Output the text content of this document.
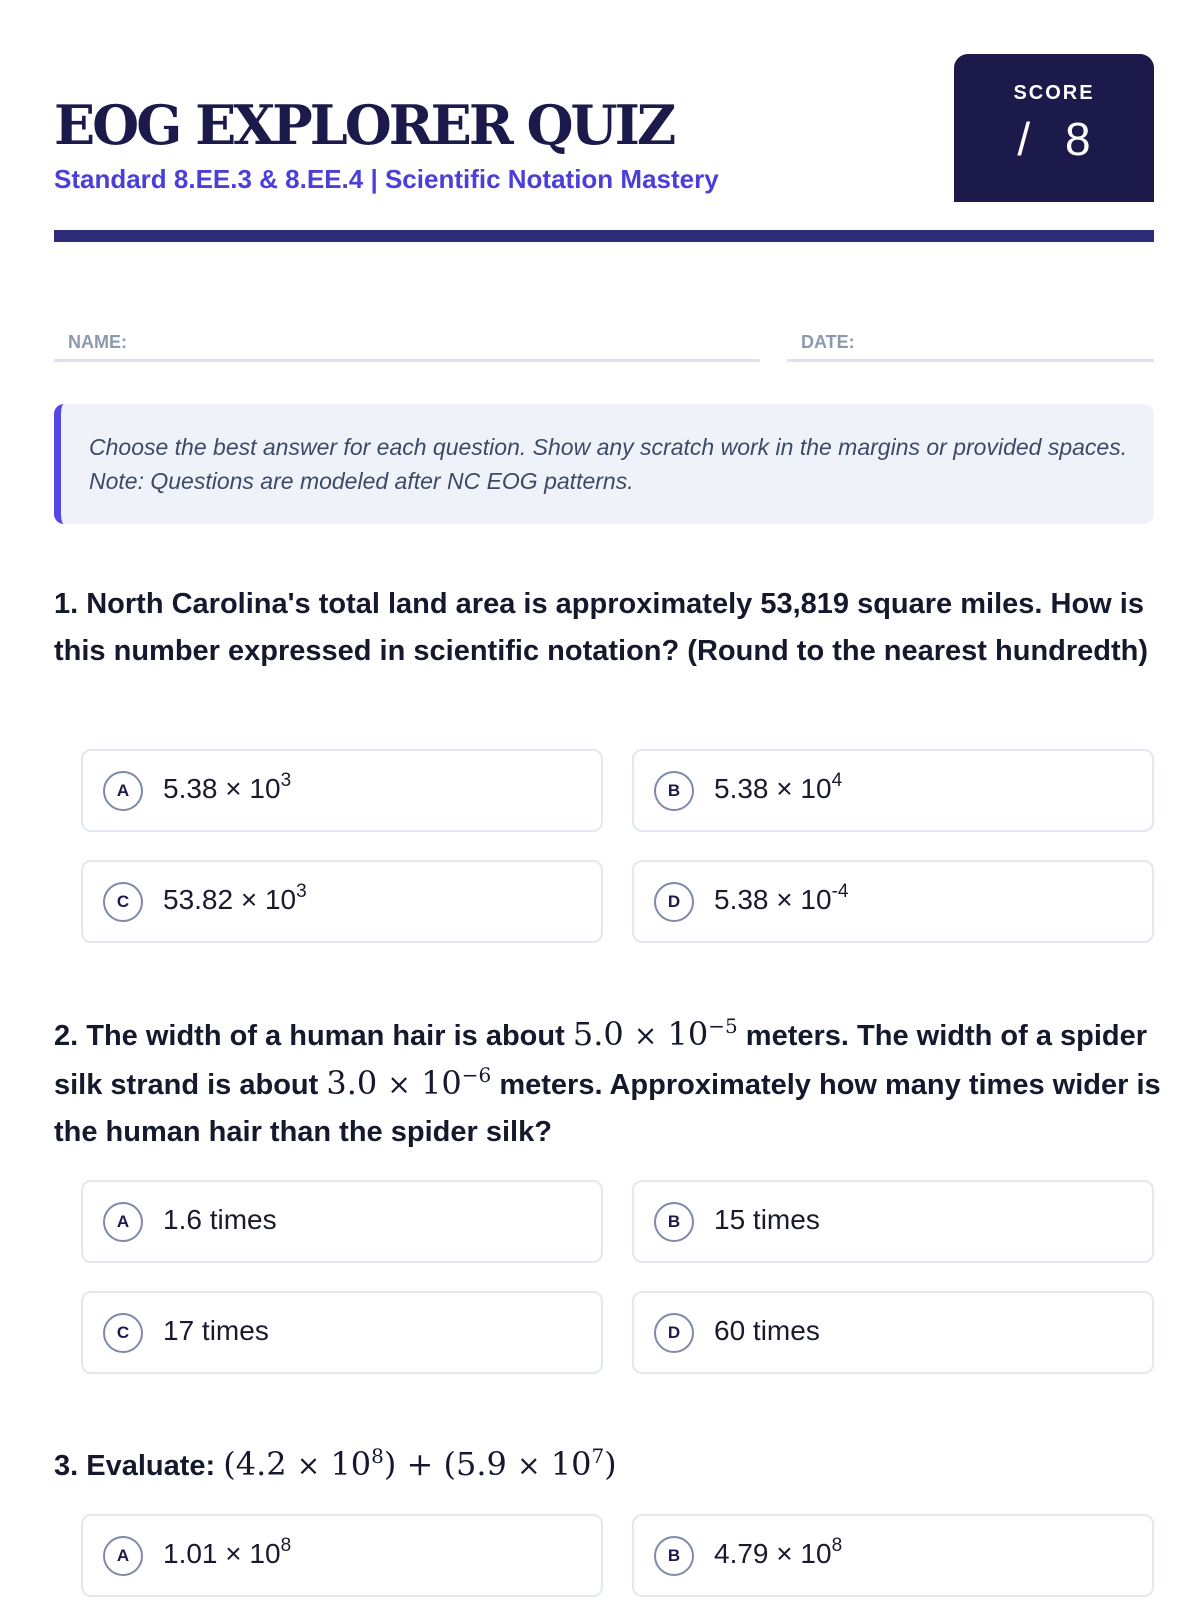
EOG EXPLORER QUIZ
Standard 8.EE.3 & 8.EE.4 | Scientific Notation Mastery
SCORE
/ 8
NAME:	DATE:
Choose the best answer for each question. Show any scratch work in the margins or provided spaces. Note: Questions are modeled after NC EOG patterns.
1. North Carolina's total land area is approximately 53,819 square miles. How is this number expressed in scientific notation? (Round to the nearest hundredth)
A	$5.38 \times 10^3$	B	$5.38 \times 10^4$
C	$53.82 \times 10^3$	D	$5.38 \times 10^{-4}$
2. The width of a human hair is about $5.0 \times 10^{-5}$ meters. The width of a spider silk strand is about $3.0 \times 10^{-6}$ meters. Approximately how many times wider is the human hair than the spider silk?
A	1.6 times	B	15 times
C	17 times	D	60 times
3. Evaluate: $(4.2 \times 10^8) + (5.9 \times 10^7)$
A	$1.01 \times 10^8$	B	$4.79 \times 10^8$
